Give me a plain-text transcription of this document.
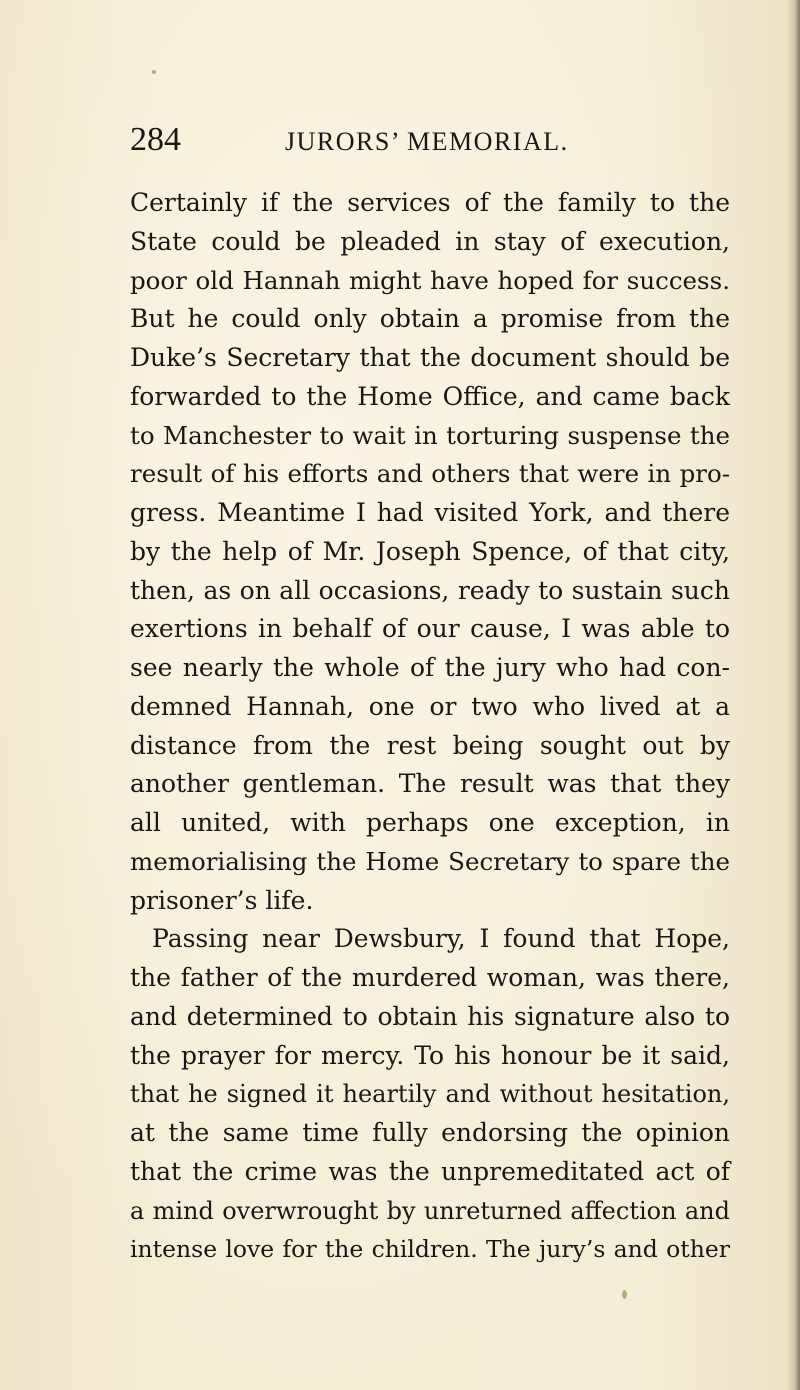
284	JURORS’ MEMORIAL.
Certainly if the services of the family to the
State could be pleaded in stay of execution,
poor old Hannah might have hoped for success.
But he could only obtain a promise from the
Duke’s Secretary that the document should be
forwarded to the Home Office, and came back
to Manchester to wait in torturing suspense the
result of his efforts and others that were in pro-
gress. Meantime I had visited York, and there
by the help of Mr. Joseph Spence, of that city,
then, as on all occasions, ready to sustain such
exertions in behalf of our cause, I was able to
see nearly the whole of the jury who had con-
demned Hannah, one or two who lived at a
distance from the rest being sought out by
another gentleman. The result was that they
all united, with perhaps one exception, in
memorialising the Home Secretary to spare the
prisoner’s life.
Passing near Dewsbury, I found that Hope,
the father of the murdered woman, was there,
and determined to obtain his signature also to
the prayer for mercy. To his honour be it said,
that he signed it heartily and without hesitation,
at the same time fully endorsing the opinion
that the crime was the unpremeditated act of
a mind overwrought by unreturned affection and
intense love for the children. The jury’s and other
